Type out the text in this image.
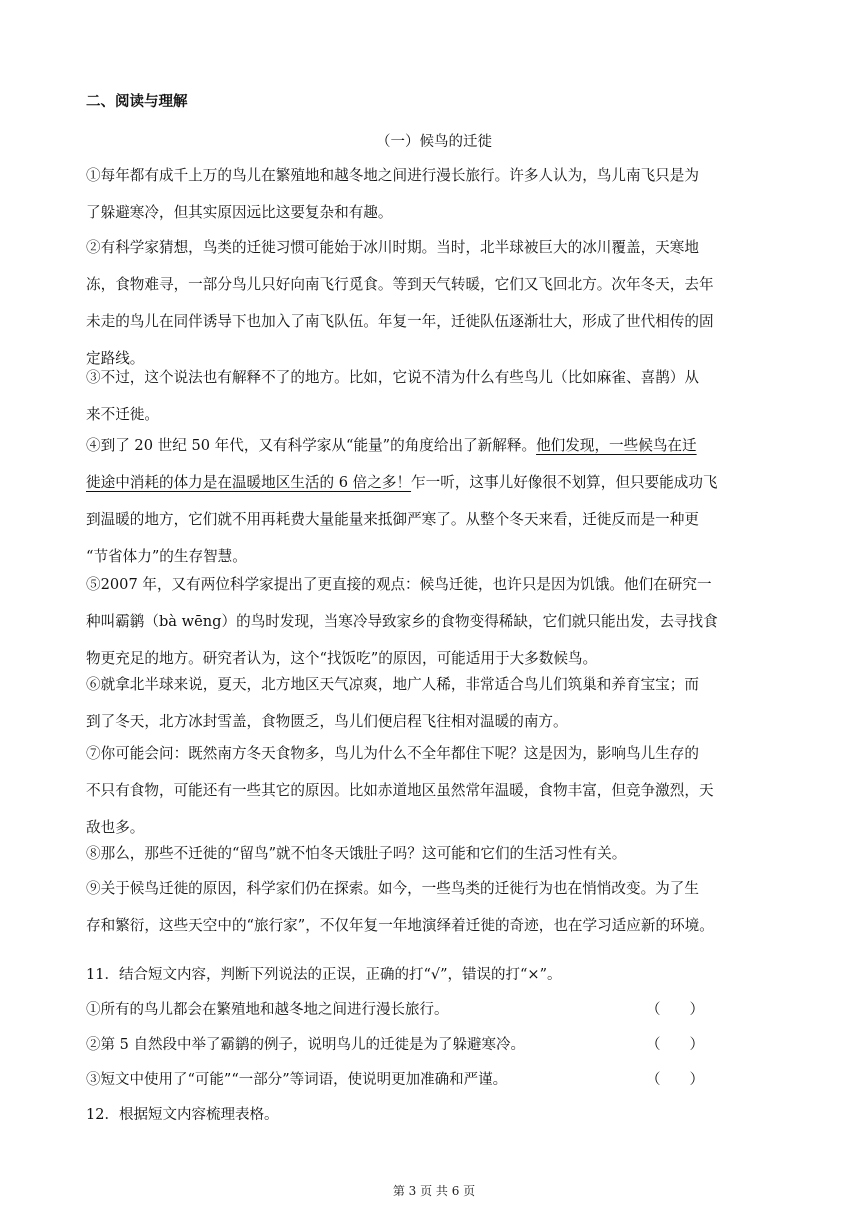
二、阅读与理解
（一）候鸟的迁徙
①每年都有成千上万的鸟儿在繁殖地和越冬地之间进行漫长旅行。许多人认为，鸟儿南飞只是为
了躲避寒冷，但其实原因远比这要复杂和有趣。
②有科学家猜想，鸟类的迁徙习惯可能始于冰川时期。当时，北半球被巨大的冰川覆盖，天寒地
冻，食物难寻，一部分鸟儿只好向南飞行觅食。等到天气转暖，它们又飞回北方。次年冬天，去年
未走的鸟儿在同伴诱导下也加入了南飞队伍。年复一年，迁徙队伍逐渐壮大，形成了世代相传的固
定路线。
③不过，这个说法也有解释不了的地方。比如，它说不清为什么有些鸟儿（比如麻雀、喜鹊）从
来不迁徙。
④到了 20 世纪 50 年代，又有科学家从“能量”的角度给出了新解释。他们发现，一些候鸟在迁
徙途中消耗的体力是在温暖地区生活的 6 倍之多！乍一听，这事儿好像很不划算，但只要能成功飞
到温暖的地方，它们就不用再耗费大量能量来抵御严寒了。从整个冬天来看，迁徙反而是一种更
“节省体力”的生存智慧。
⑤2007 年，又有两位科学家提出了更直接的观点：候鸟迁徙，也许只是因为饥饿。他们在研究一
种叫霸鹟（bà wēng）的鸟时发现，当寒冷导致家乡的食物变得稀缺，它们就只能出发，去寻找食
物更充足的地方。研究者认为，这个“找饭吃”的原因，可能适用于大多数候鸟。
⑥就拿北半球来说，夏天，北方地区天气凉爽，地广人稀，非常适合鸟儿们筑巢和养育宝宝；而
到了冬天，北方冰封雪盖，食物匮乏，鸟儿们便启程飞往相对温暖的南方。
⑦你可能会问：既然南方冬天食物多，鸟儿为什么不全年都住下呢？这是因为，影响鸟儿生存的
不只有食物，可能还有一些其它的原因。比如赤道地区虽然常年温暖，食物丰富，但竞争激烈，天
敌也多。
⑧那么，那些不迁徙的“留鸟”就不怕冬天饿肚子吗？这可能和它们的生活习性有关。
⑨关于候鸟迁徙的原因，科学家们仍在探索。如今，一些鸟类的迁徙行为也在悄悄改变。为了生
存和繁衍，这些天空中的“旅行家”，不仅年复一年地演绎着迁徙的奇迹，也在学习适应新的环境。
11．结合短文内容，判断下列说法的正误，正确的打“√”，错误的打“×”。
①所有的鸟儿都会在繁殖地和越冬地之间进行漫长旅行。	（　　）
②第 5 自然段中举了霸鹟的例子，说明鸟儿的迁徙是为了躲避寒冷。	（　　）
③短文中使用了“可能”“一部分”等词语，使说明更加准确和严谨。	（　　）
12．根据短文内容梳理表格。
第 3 页 共 6 页
